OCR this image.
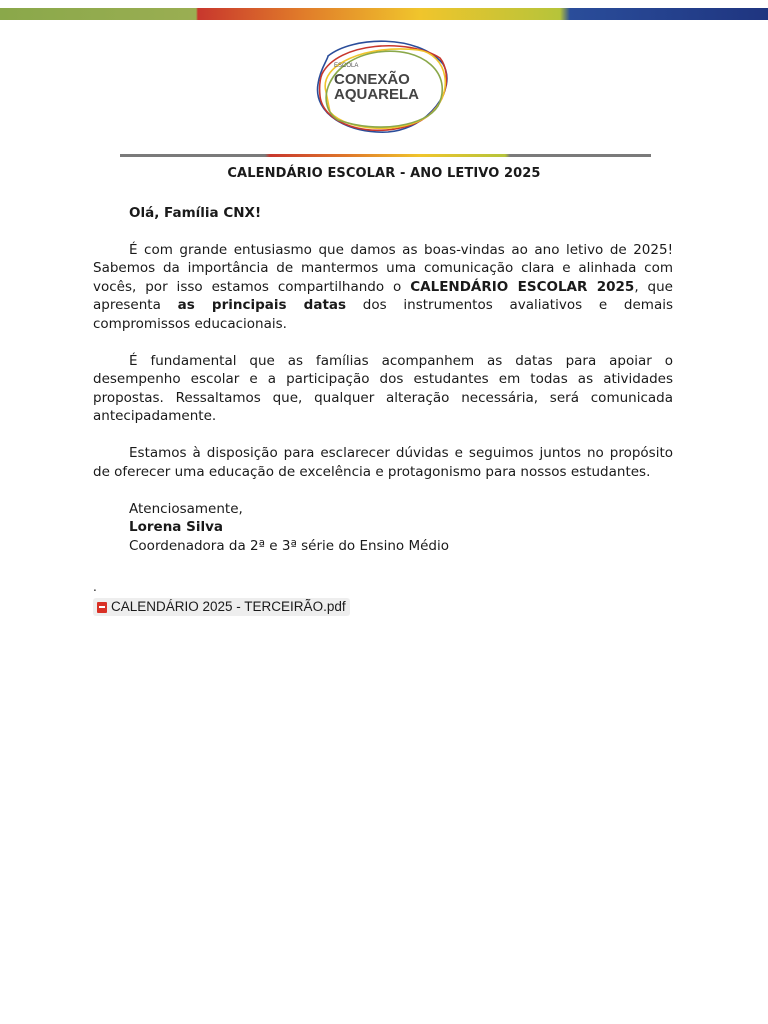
ESCOLA
CONEXÃO
AQUARELA
CALENDÁRIO ESCOLAR - ANO LETIVO 2025
Olá, Família CNX!

É com grande entusiasmo que damos as boas-vindas ao ano letivo de 2025! Sabemos da importância de mantermos uma comunicação clara e alinhada com vocês, por isso estamos compartilhando o CALENDÁRIO ESCOLAR 2025, que apresenta as principais datas dos instrumentos avaliativos e demais compromissos educacionais.

É fundamental que as famílias acompanhem as datas para apoiar o desempenho escolar e a participação dos estudantes em todas as atividades propostas. Ressaltamos que, qualquer alteração necessária, será comunicada antecipadamente.

Estamos à disposição para esclarecer dúvidas e seguimos juntos no propósito de oferecer uma educação de excelência e protagonismo para nossos estudantes.

Atenciosamente,
Lorena Silva
Coordenadora da 2ª e 3ª série do Ensino Médio
.
CALENDÁRIO 2025 - TERCEIRÃO.pdf
